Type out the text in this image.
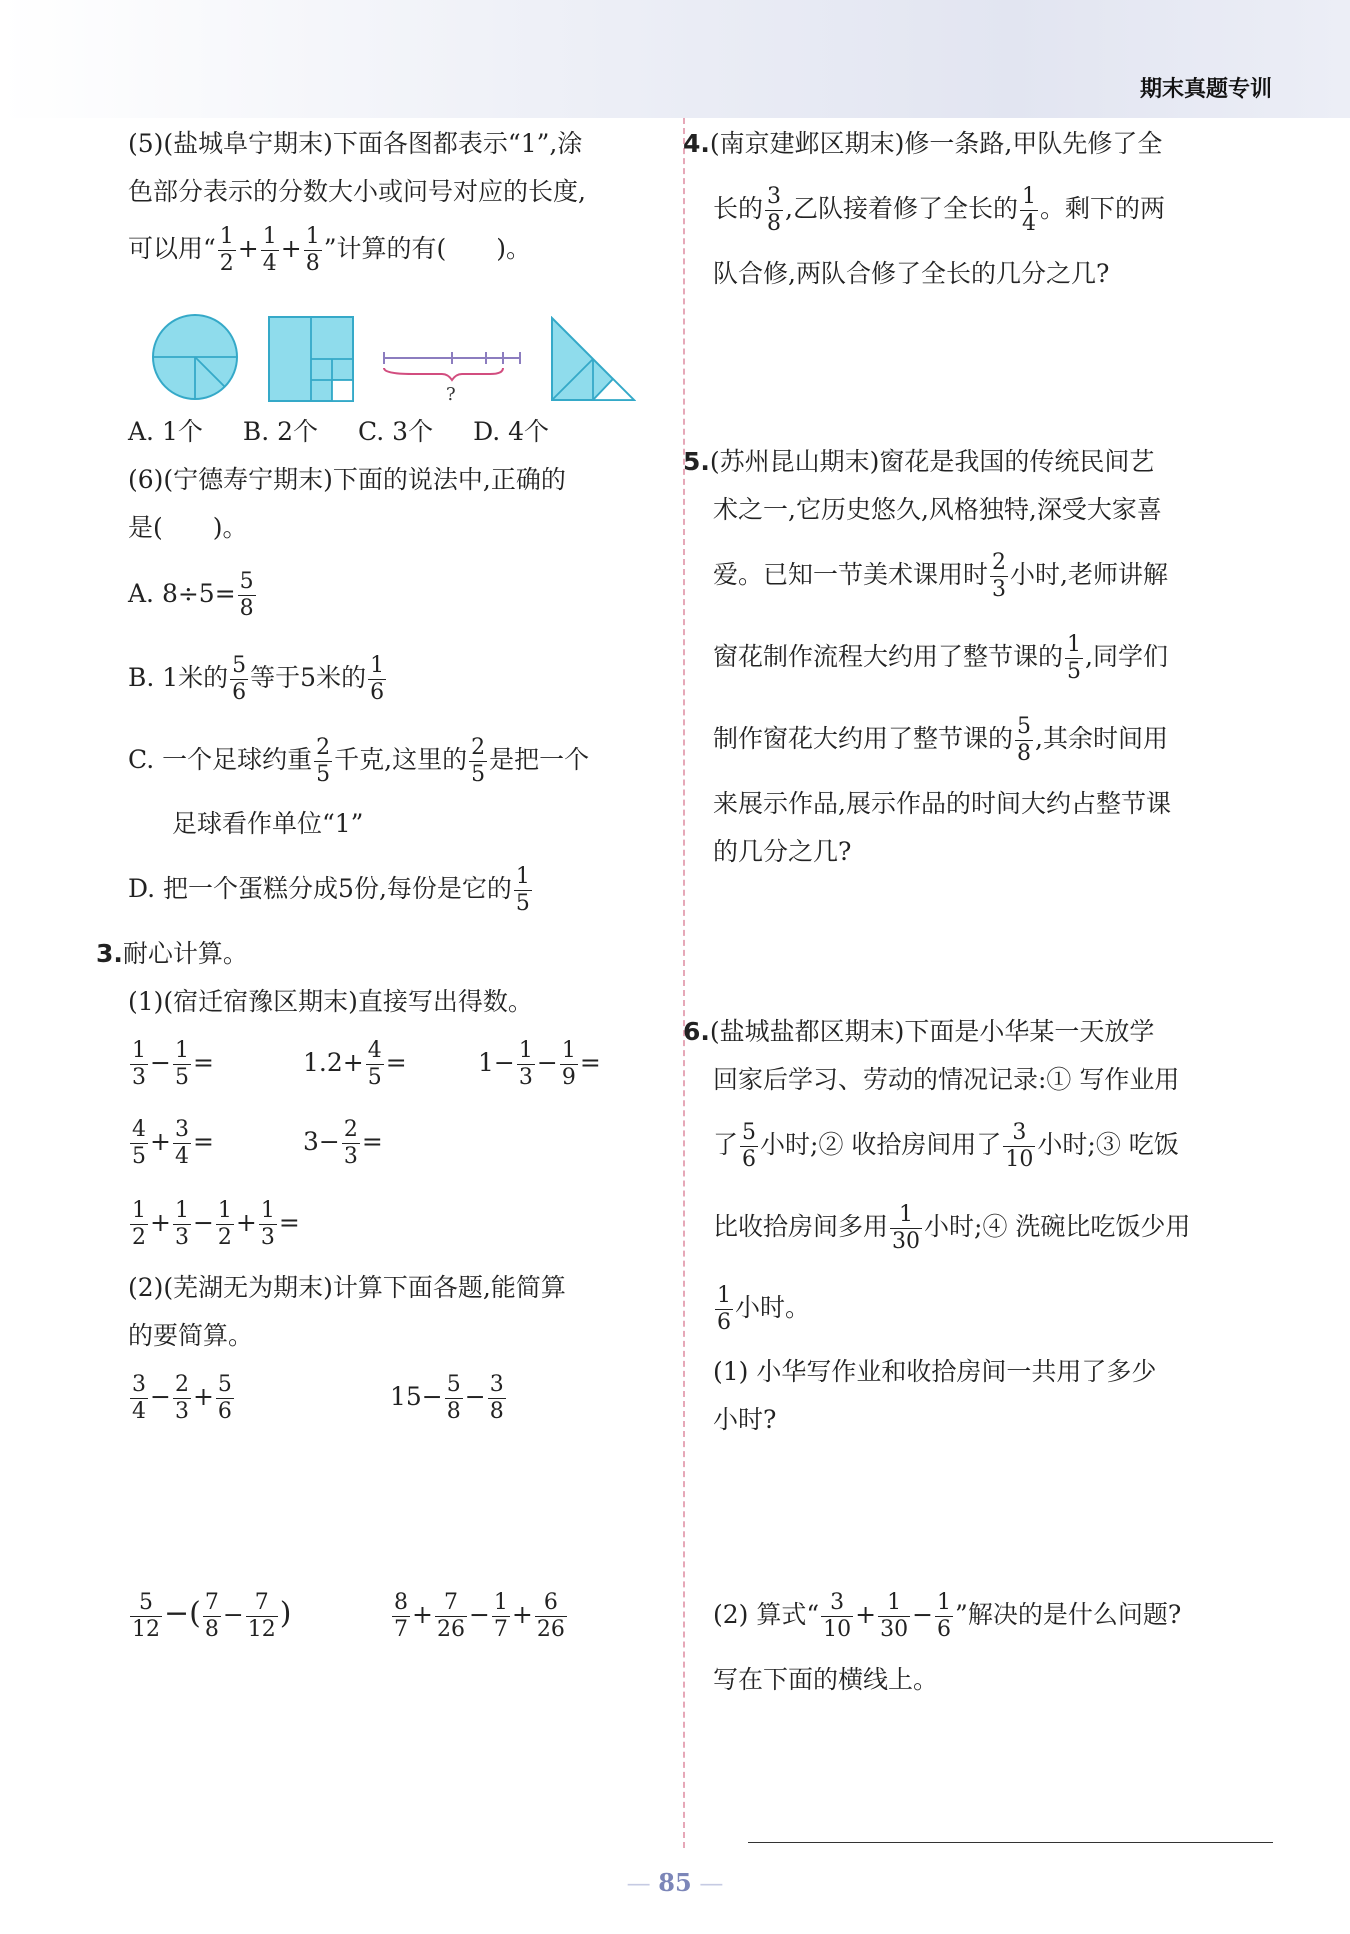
期末真题专训

(5)(盐城阜宁期末)下面各图都表示“1”,涂

色部分表示的分数大小或问号对应的长度,

可以用“ $\frac{1}{2} + \frac{1}{4} + \frac{1}{8}$ ”计算的有(　　)。

?

A. 1个 B. 2个 C. 3个 D. 4个

(6)(宁德寿宁期末)下面的说法中,正确的

是(　　)。

A. $8\div 5= \frac{5}{8}$

B. 1米的 $\frac{5}{6}$ 等于5米的 $\frac{1}{6}$

C. 一个足球约重 $\frac{2}{5}$ 千克,这里的 $\frac{2}{5}$ 是把一个

足球看作单位“1”

D. 把一个蛋糕分成5份,每份是它的 $\frac{1}{5}$

3.耐心计算。

(1)(宿迁宿豫区期末)直接写出得数。

$\frac{1}{3} - \frac{1}{5}$ =	$1.2+ \frac{4}{5}$ =	$1- \frac{1}{3} - \frac{1}{9}$ =
$\frac{4}{5} + \frac{3}{4}$ =	$3- \frac{2}{3}$ =
$\frac{1}{2} + \frac{1}{3} - \frac{1}{2} + \frac{1}{3}$ =

(2)(芜湖无为期末)计算下面各题,能简算

的要简算。

$\frac{3}{4} - \frac{2}{3} + \frac{5}{6}$	$15- \frac{5}{8} - \frac{3}{8}$
$\frac{5}{12}$ −( $\frac{7}{8} - \frac{7}{12}$ )	$\frac{8}{7} + \frac{7}{26} - \frac{1}{7} + \frac{6}{26}$

4.(南京建邺区期末)修一条路,甲队先修了全

长的 $\frac{3}{8}$ ,乙队接着修了全长的 $\frac{1}{4}$ 。剩下的两

队合修,两队合修了全长的几分之几?

5.(苏州昆山期末)窗花是我国的传统民间艺

术之一,它历史悠久,风格独特,深受大家喜

爱。已知一节美术课用时 $\frac{2}{3}$ 小时,老师讲解

窗花制作流程大约用了整节课的 $\frac{1}{5}$ ,同学们

制作窗花大约用了整节课的 $\frac{5}{8}$ ,其余时间用

来展示作品,展示作品的时间大约占整节课

的几分之几?

6.(盐城盐都区期末)下面是小华某一天放学

回家后学习、劳动的情况记录:① 写作业用

了 $\frac{5}{6}$ 小时;② 收拾房间用了 $\frac{3}{10}$ 小时;③ 吃饭

比收拾房间多用 $\frac{1}{30}$ 小时;④ 洗碗比吃饭少用

$\frac{1}{6}$ 小时。

(1) 小华写作业和收拾房间一共用了多少

小时?

(2) 算式“ $\frac{3}{10} + \frac{1}{30} - \frac{1}{6}$ ”解决的是什么问题?

写在下面的横线上。

— 85 —
